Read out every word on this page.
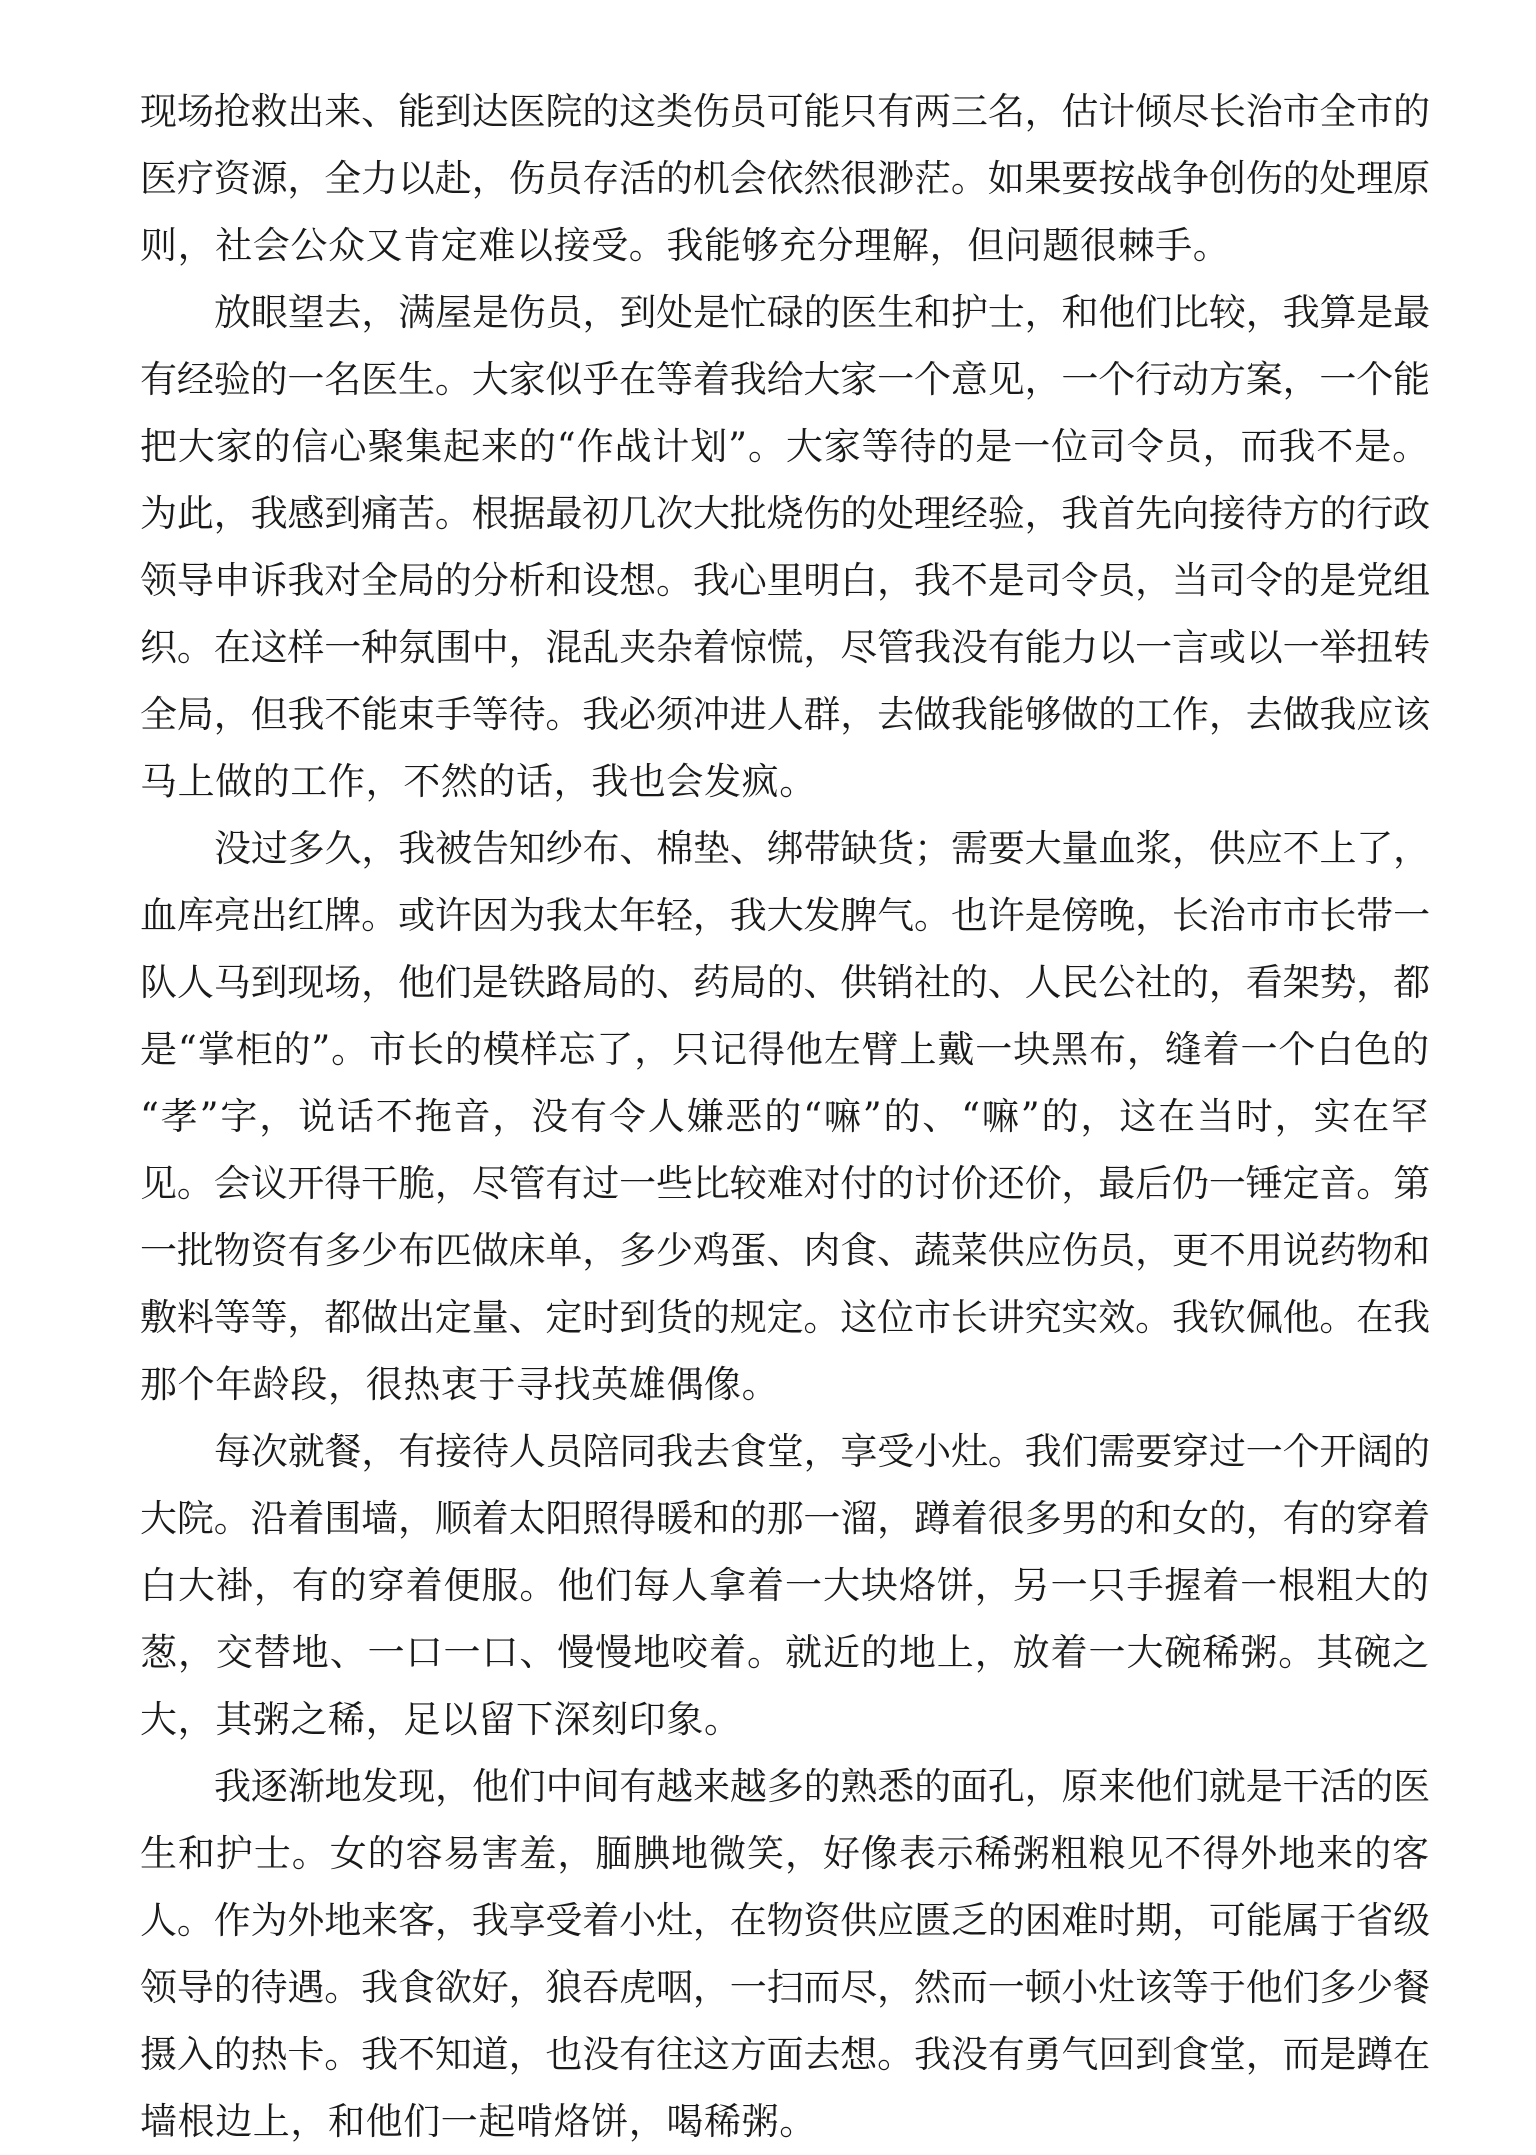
现场抢救出来、能到达医院的这类伤员可能只有两三名，估计倾尽长治市全市的
医疗资源，全力以赴，伤员存活的机会依然很渺茫。如果要按战争创伤的处理原
则，社会公众又肯定难以接受。我能够充分理解，但问题很棘手。
放眼望去，满屋是伤员，到处是忙碌的医生和护士，和他们比较，我算是最
有经验的一名医生。大家似乎在等着我给大家一个意见，一个行动方案，一个能
把大家的信心聚集起来的“作战计划”。大家等待的是一位司令员，而我不是。
为此，我感到痛苦。根据最初几次大批烧伤的处理经验，我首先向接待方的行政
领导申诉我对全局的分析和设想。我心里明白，我不是司令员，当司令的是党组
织。在这样一种氛围中，混乱夹杂着惊慌，尽管我没有能力以一言或以一举扭转
全局，但我不能束手等待。我必须冲进人群，去做我能够做的工作，去做我应该
马上做的工作，不然的话，我也会发疯。
没过多久，我被告知纱布、棉垫、绑带缺货；需要大量血浆，供应不上了，
血库亮出红牌。或许因为我太年轻，我大发脾气。也许是傍晚，长治市市长带一
队人马到现场，他们是铁路局的、药局的、供销社的、人民公社的，看架势，都
是“掌柜的”。市长的模样忘了，只记得他左臂上戴一块黑布，缝着一个白色的
“孝”字，说话不拖音，没有令人嫌恶的“嘛”的、“嘛”的，这在当时，实在罕
见。会议开得干脆，尽管有过一些比较难对付的讨价还价，最后仍一锤定音。第
一批物资有多少布匹做床单，多少鸡蛋、肉食、蔬菜供应伤员，更不用说药物和
敷料等等，都做出定量、定时到货的规定。这位市长讲究实效。我钦佩他。在我
那个年龄段，很热衷于寻找英雄偶像。
每次就餐，有接待人员陪同我去食堂，享受小灶。我们需要穿过一个开阔的
大院。沿着围墙，顺着太阳照得暖和的那一溜，蹲着很多男的和女的，有的穿着
白大褂，有的穿着便服。他们每人拿着一大块烙饼，另一只手握着一根粗大的
葱，交替地、一口一口、慢慢地咬着。就近的地上，放着一大碗稀粥。其碗之
大，其粥之稀，足以留下深刻印象。
我逐渐地发现，他们中间有越来越多的熟悉的面孔，原来他们就是干活的医
生和护士。女的容易害羞，腼腆地微笑，好像表示稀粥粗粮见不得外地来的客
人。作为外地来客，我享受着小灶，在物资供应匮乏的困难时期，可能属于省级
领导的待遇。我食欲好，狼吞虎咽，一扫而尽，然而一顿小灶该等于他们多少餐
摄入的热卡。我不知道，也没有往这方面去想。我没有勇气回到食堂，而是蹲在
墙根边上，和他们一起啃烙饼，喝稀粥。
